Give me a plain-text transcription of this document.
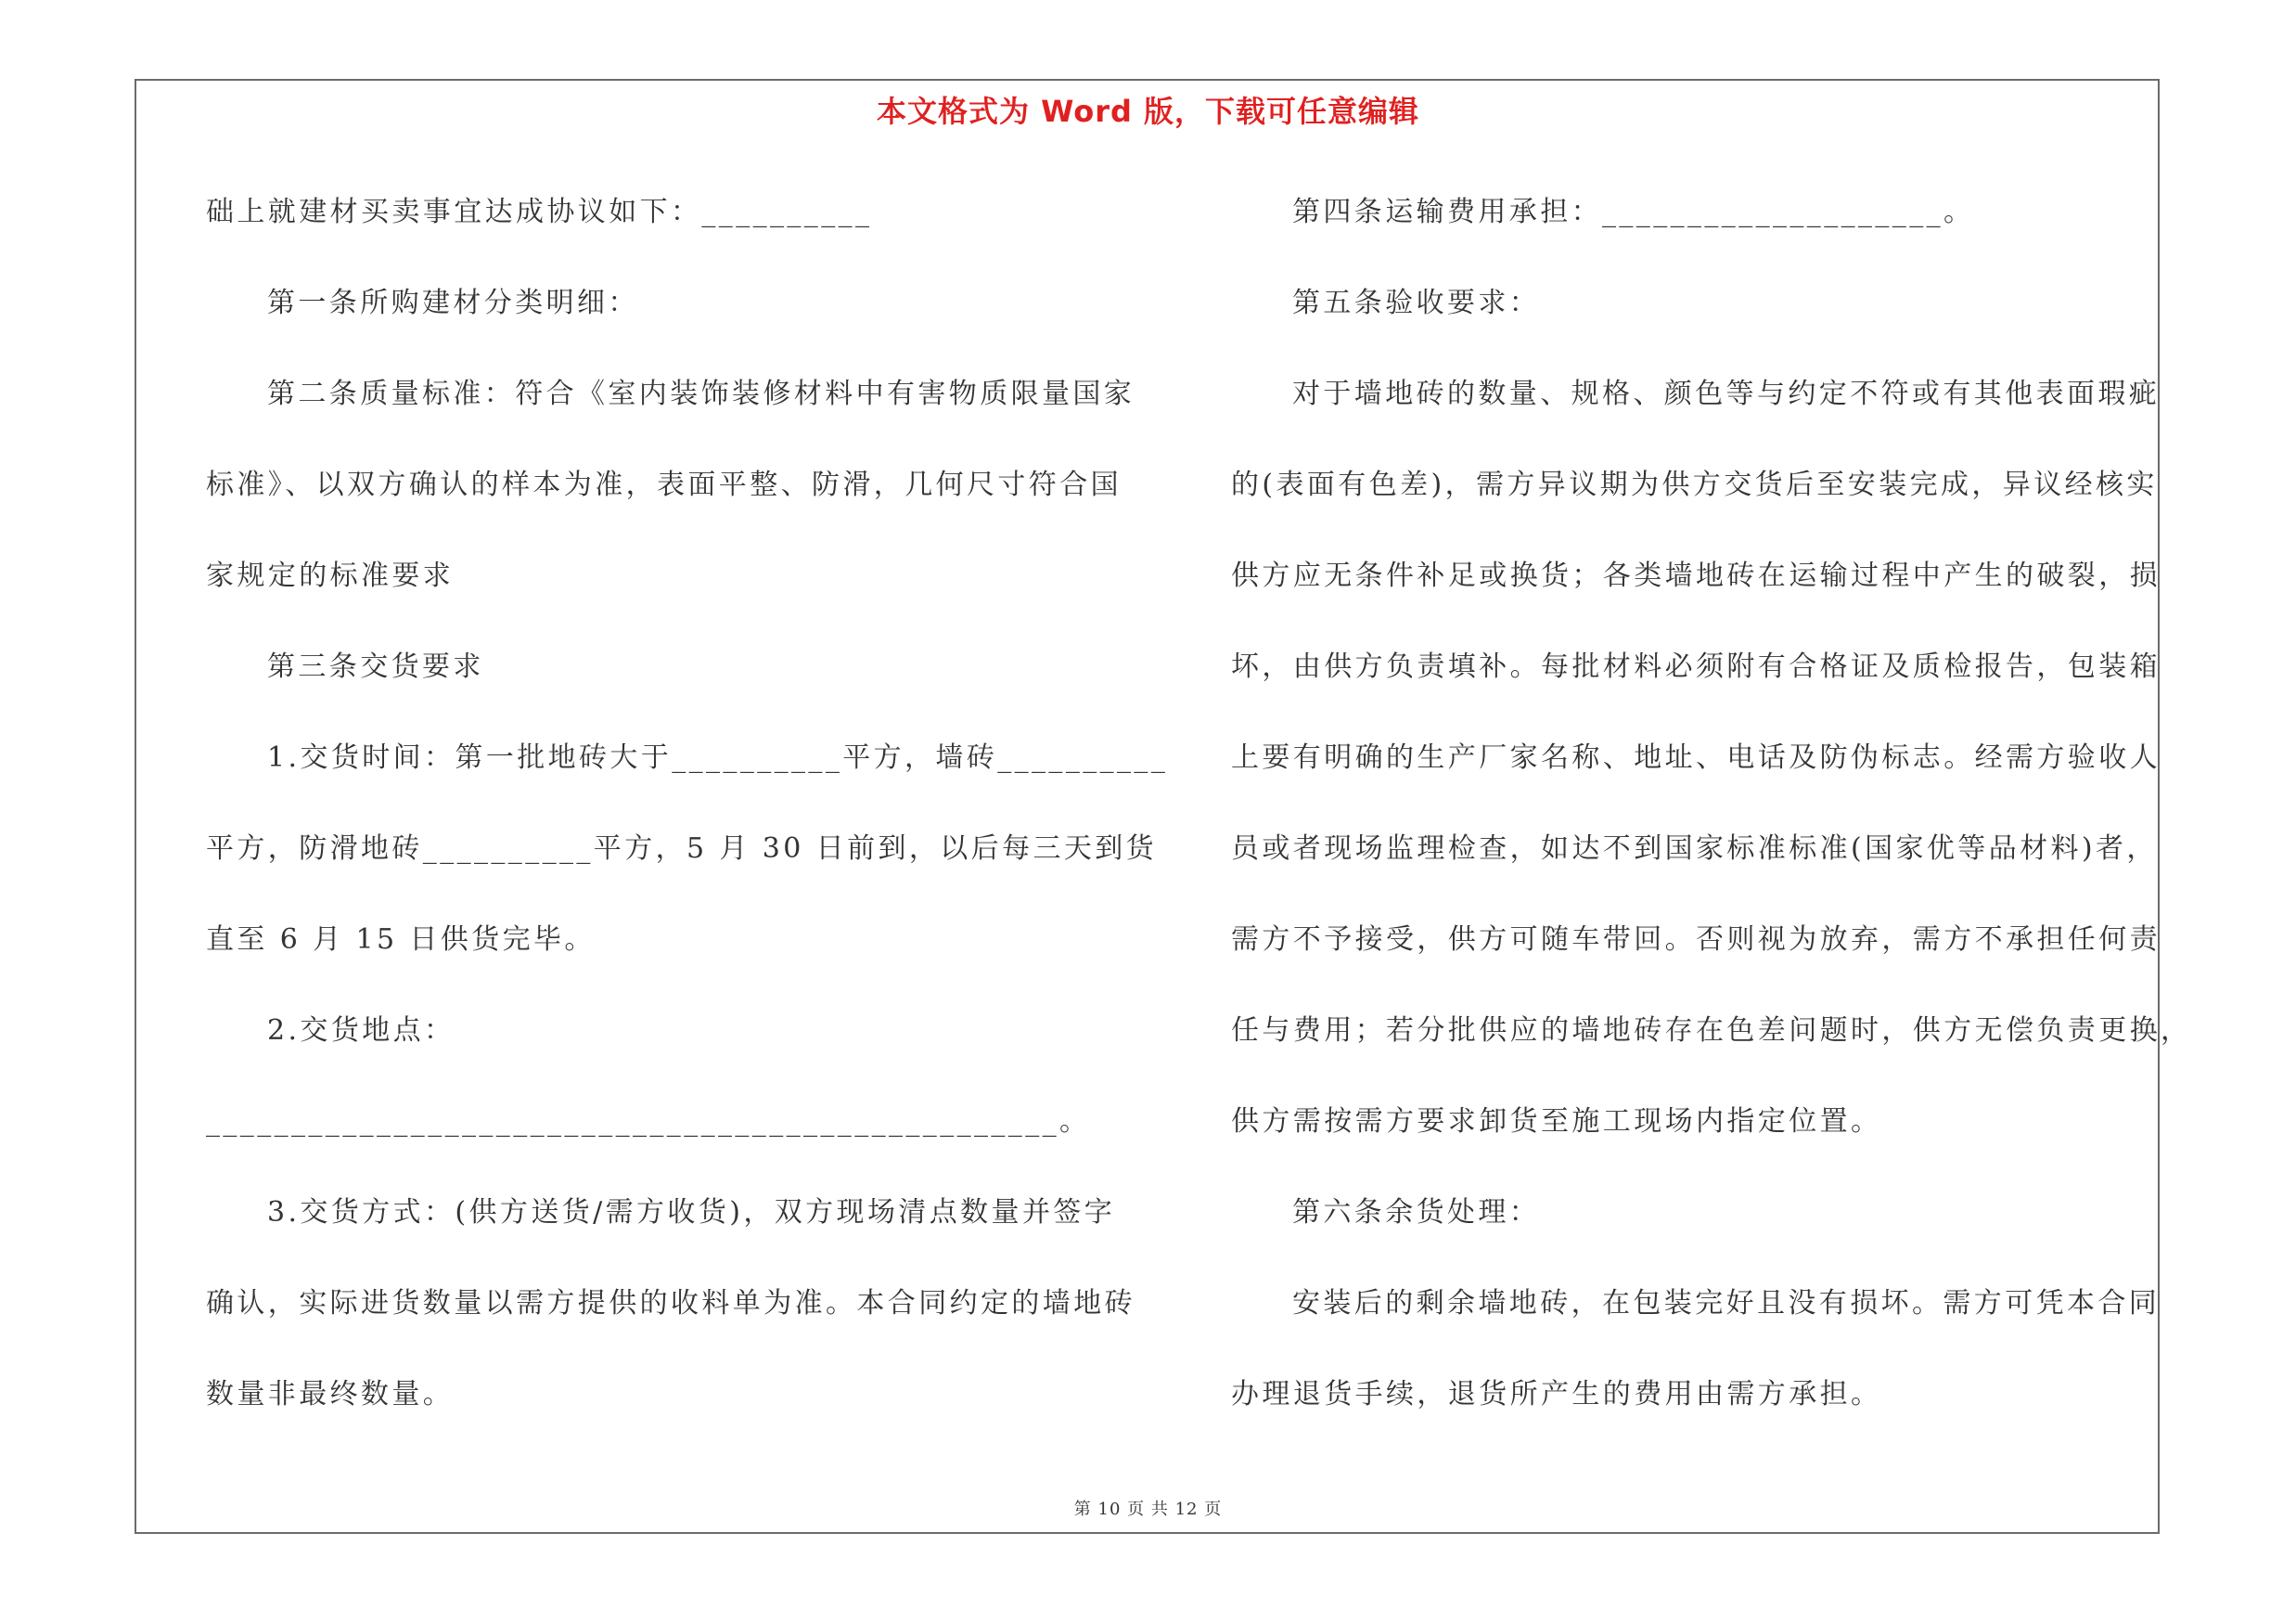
本文格式为 Word 版，下载可任意编辑
础上就建材买卖事宜达成协议如下：__________
第一条所购建材分类明细：
第二条质量标准：符合《室内装饰装修材料中有害物质限量国家
标准》、以双方确认的样本为准，表面平整、防滑，几何尺寸符合国
家规定的标准要求
第三条交货要求
1.交货时间：第一批地砖大于__________平方，墙砖__________
平方，防滑地砖__________平方，5 月 30 日前到，以后每三天到货
直至 6 月 15 日供货完毕。
2.交货地点：
__________________________________________________。
3.交货方式：(供方送货/需方收货)，双方现场清点数量并签字
确认，实际进货数量以需方提供的收料单为准。本合同约定的墙地砖
数量非最终数量。
第四条运输费用承担：____________________。
第五条验收要求：
对于墙地砖的数量、规格、颜色等与约定不符或有其他表面瑕疵
的(表面有色差)，需方异议期为供方交货后至安装完成，异议经核实
供方应无条件补足或换货；各类墙地砖在运输过程中产生的破裂，损
坏，由供方负责填补。每批材料必须附有合格证及质检报告，包装箱
上要有明确的生产厂家名称、地址、电话及防伪标志。经需方验收人
员或者现场监理检查，如达不到国家标准标准(国家优等品材料)者，
需方不予接受，供方可随车带回。否则视为放弃，需方不承担任何责
任与费用；若分批供应的墙地砖存在色差问题时，供方无偿负责更换，
供方需按需方要求卸货至施工现场内指定位置。
第六条余货处理：
安装后的剩余墙地砖，在包装完好且没有损坏。需方可凭本合同
办理退货手续，退货所产生的费用由需方承担。
第 10 页 共 12 页
